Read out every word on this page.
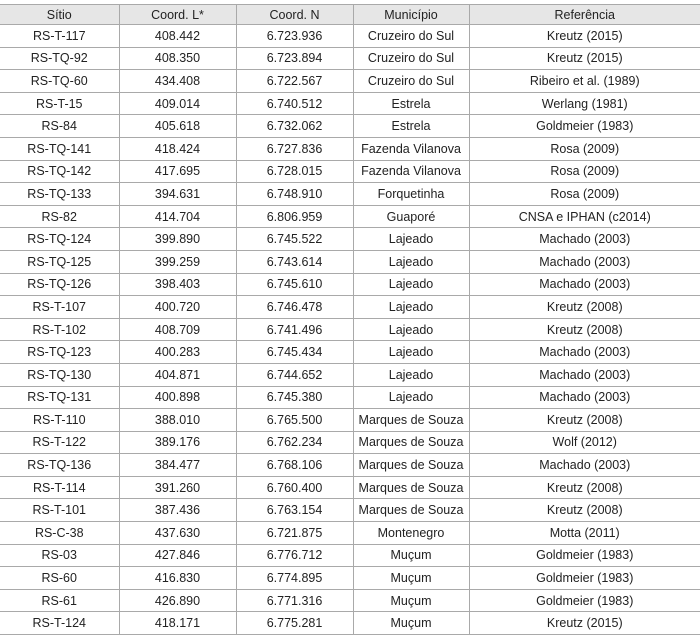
Sítio	Coord. L*	Coord. N	Município	Referência
RS-T-117	408.442	6.723.936	Cruzeiro do Sul	Kreutz (2015)
RS-TQ-92	408.350	6.723.894	Cruzeiro do Sul	Kreutz (2015)
RS-TQ-60	434.408	6.722.567	Cruzeiro do Sul	Ribeiro et al. (1989)
RS-T-15	409.014	6.740.512	Estrela	Werlang (1981)
RS-84	405.618	6.732.062	Estrela	Goldmeier (1983)
RS-TQ-141	418.424	6.727.836	Fazenda Vilanova	Rosa (2009)
RS-TQ-142	417.695	6.728.015	Fazenda Vilanova	Rosa (2009)
RS-TQ-133	394.631	6.748.910	Forquetinha	Rosa (2009)
RS-82	414.704	6.806.959	Guaporé	CNSA e IPHAN (c2014)
RS-TQ-124	399.890	6.745.522	Lajeado	Machado (2003)
RS-TQ-125	399.259	6.743.614	Lajeado	Machado (2003)
RS-TQ-126	398.403	6.745.610	Lajeado	Machado (2003)
RS-T-107	400.720	6.746.478	Lajeado	Kreutz (2008)
RS-T-102	408.709	6.741.496	Lajeado	Kreutz (2008)
RS-TQ-123	400.283	6.745.434	Lajeado	Machado (2003)
RS-TQ-130	404.871	6.744.652	Lajeado	Machado (2003)
RS-TQ-131	400.898	6.745.380	Lajeado	Machado (2003)
RS-T-110	388.010	6.765.500	Marques de Souza	Kreutz (2008)
RS-T-122	389.176	6.762.234	Marques de Souza	Wolf (2012)
RS-TQ-136	384.477	6.768.106	Marques de Souza	Machado (2003)
RS-T-114	391.260	6.760.400	Marques de Souza	Kreutz (2008)
RS-T-101	387.436	6.763.154	Marques de Souza	Kreutz (2008)
RS-C-38	437.630	6.721.875	Montenegro	Motta (2011)
RS-03	427.846	6.776.712	Muçum	Goldmeier (1983)
RS-60	416.830	6.774.895	Muçum	Goldmeier (1983)
RS-61	426.890	6.771.316	Muçum	Goldmeier (1983)
RS-T-124	418.171	6.775.281	Muçum	Kreutz (2015)
